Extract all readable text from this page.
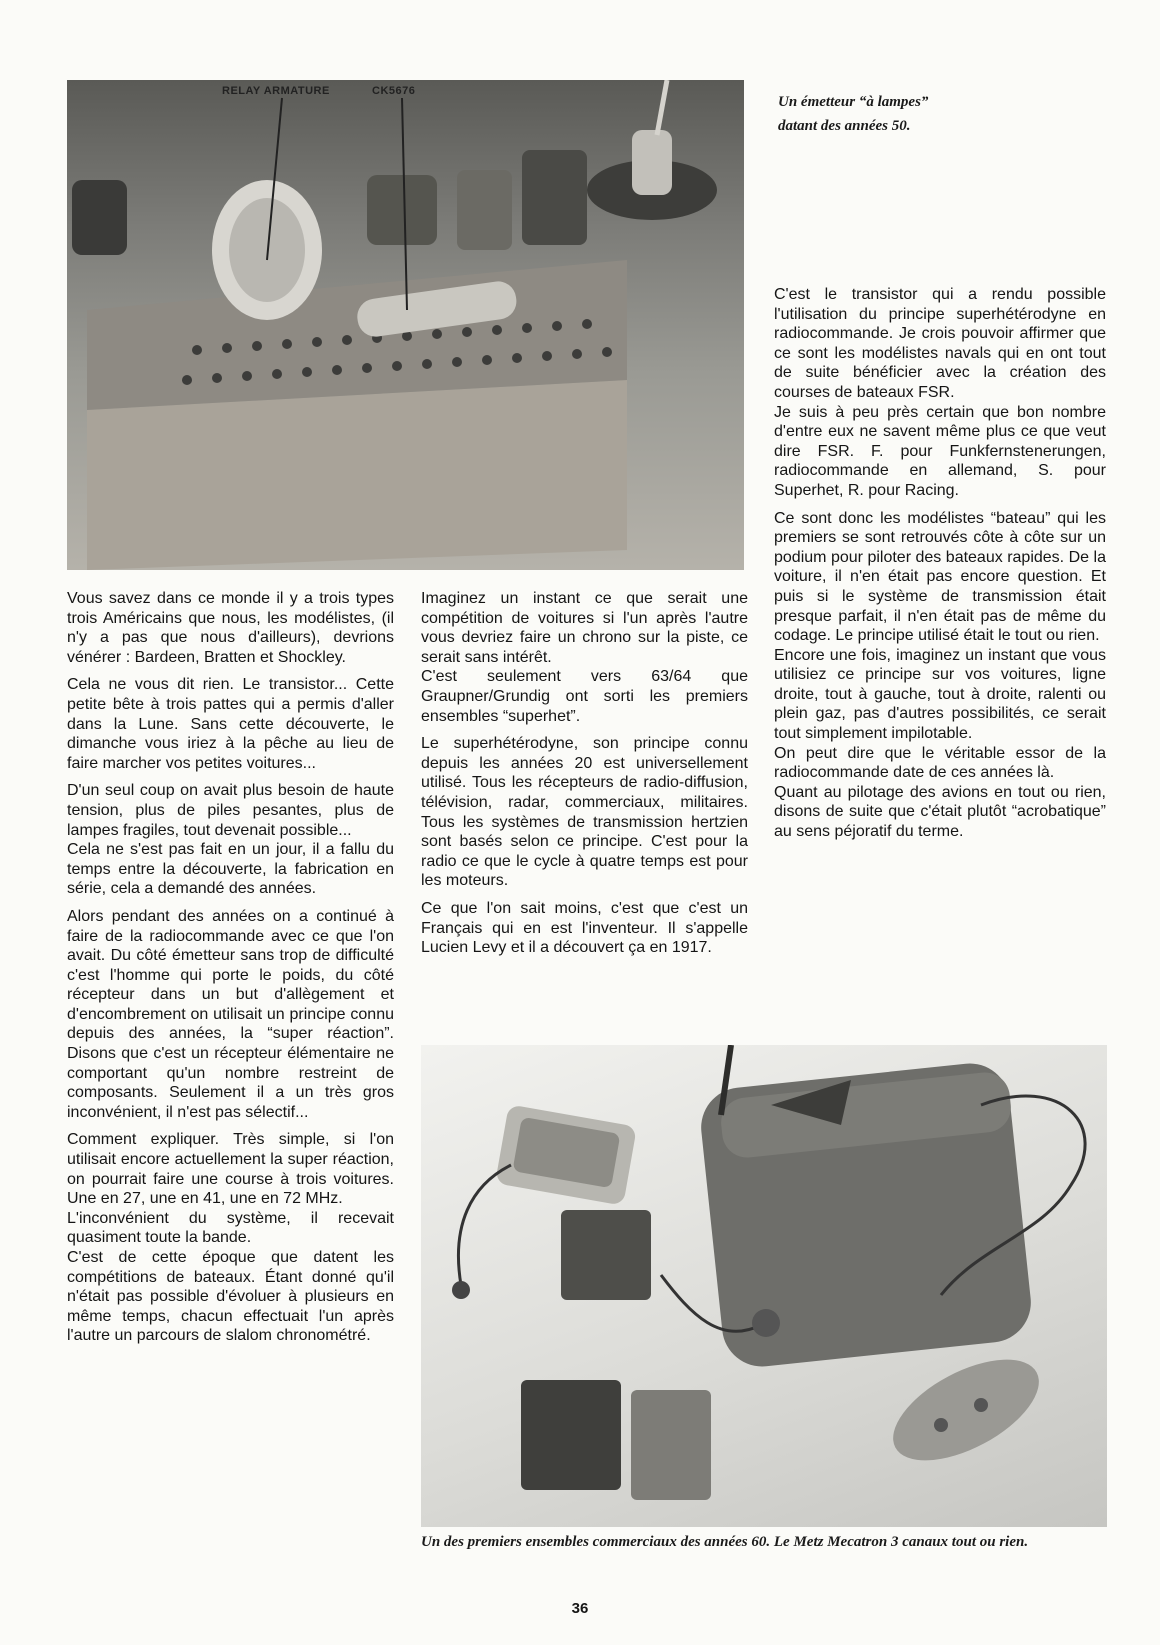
RELAY ARMATURE	CK5676
Un émetteur “à lampes”
datant des années 50.

Vous savez dans ce monde il y a trois types trois Américains que nous, les modélistes, (il n'y a pas que nous d'ailleurs), devrions vénérer : Bardeen, Bratten et Shockley.

Cela ne vous dit rien. Le transistor... Cette petite bête à trois pattes qui a permis d'aller dans la Lune. Sans cette découverte, le dimanche vous iriez à la pêche au lieu de faire marcher vos petites voitures...

D'un seul coup on avait plus besoin de haute tension, plus de piles pesantes, plus de lampes fragiles, tout devenait possible...

Cela ne s'est pas fait en un jour, il a fallu du temps entre la découverte, la fabrication en série, cela a demandé des années.

Alors pendant des années on a continué à faire de la radiocommande avec ce que l'on avait. Du côté émetteur sans trop de difficulté c'est l'homme qui porte le poids, du côté récepteur dans un but d'allègement et d'encombrement on utilisait un principe connu depuis des années, la “super réaction”. Disons que c'est un récepteur élémentaire ne comportant qu'un nombre restreint de composants. Seulement il a un très gros inconvénient, il n'est pas sélectif...

Comment expliquer. Très simple, si l'on utilisait encore actuellement la super réaction, on pourrait faire une course à trois voitures. Une en 27, une en 41, une en 72 MHz.

L'inconvénient du système, il recevait quasiment toute la bande.

C'est de cette époque que datent les compétitions de bateaux. Étant donné qu'il n'était pas possible d'évoluer à plusieurs en même temps, chacun effectuait l'un après l'autre un parcours de slalom chronométré.

Imaginez un instant ce que serait une compétition de voitures si l'un après l'autre vous devriez faire un chrono sur la piste, ce serait sans intérêt.

C'est seulement vers 63/64 que Graupner/Grundig ont sorti les premiers ensembles “superhet”.

Le superhétérodyne, son principe connu depuis les années 20 est universellement utilisé. Tous les récepteurs de radio-diffusion, télévision, radar, commerciaux, militaires. Tous les systèmes de transmission hertzien sont basés selon ce principe. C'est pour la radio ce que le cycle à quatre temps est pour les moteurs.

Ce que l'on sait moins, c'est que c'est un Français qui en est l'inventeur. Il s'appelle Lucien Levy et il a découvert ça en 1917.

C'est le transistor qui a rendu possible l'utilisation du principe superhétérodyne en radiocommande. Je crois pouvoir affirmer que ce sont les modélistes navals qui en ont tout de suite bénéficier avec la création des courses de bateaux FSR.

Je suis à peu près certain que bon nombre d'entre eux ne savent même plus ce que veut dire FSR. F. pour Funkfernstenerungen, radiocommande en allemand, S. pour Superhet, R. pour Racing.

Ce sont donc les modélistes “bateau” qui les premiers se sont retrouvés côte à côte sur un podium pour piloter des bateaux rapides. De la voiture, il n'en était pas encore question. Et puis si le système de transmission était presque parfait, il n'en était pas de même du codage. Le principe utilisé était le tout ou rien.

Encore une fois, imaginez un instant que vous utilisiez ce principe sur vos voitures, ligne droite, tout à gauche, tout à droite, ralenti ou plein gaz, pas d'autres possibilités, ce serait tout simplement impilotable.

On peut dire que le véritable essor de la radiocommande date de ces années là.

Quant au pilotage des avions en tout ou rien, disons de suite que c'était plutôt “acrobatique” au sens péjoratif du terme.

Un des premiers ensembles commerciaux des années 60. Le Metz Mecatron 3 canaux tout ou rien.
36
